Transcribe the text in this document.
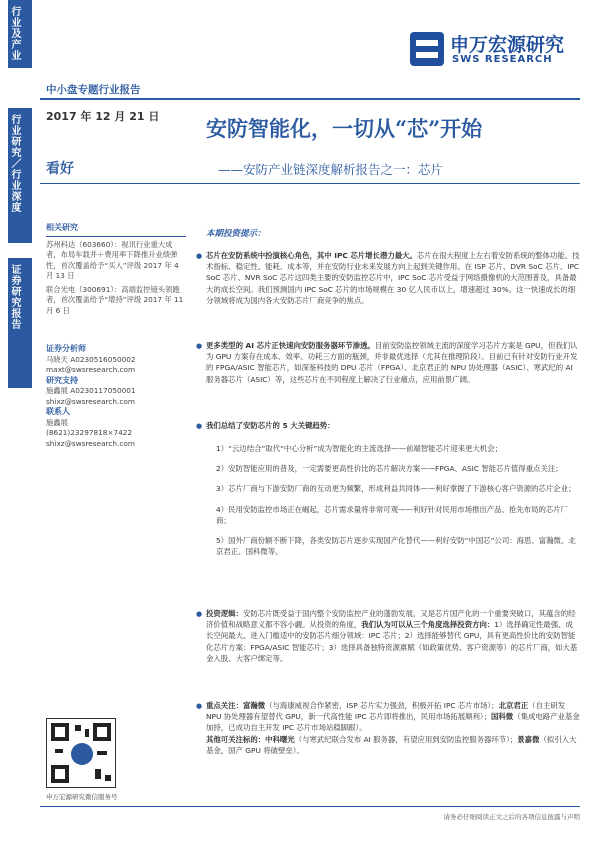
行业及产业
行业研究／行业深度
证券研究报告
申万宏源研究
SWS RESEARCH
中小盘专题行业报告
2017 年 12 月 21 日
看好
安防智能化，一切从“芯”开始
——安防产业链深度解析报告之一：芯片
相关研究
苏州科达（603660）：视讯行业重大成者，布局车载并＋费用率下降推升业绩弹性，首次覆盖给予“买入”评级 2017 年 4 月 13 日
联合光电（300691）：高端监控镜头领跑者，首次覆盖给予“增持”评级 2017 年 11 月 6 日
证券分析师
马晓天 A0230516050002
maxt@swsresearch.com
研究支持
施鑫展 A0230117050001
shixz@swsresearch.com
联系人
施鑫展
(8621)23297818×7422
shixz@swsresearch.com
申万宏源研究微信服务号
本期投资提示：
● 芯片在安防系统中扮演核心角色，其中 IPC 芯片增长潜力最大。芯片在很大程度上左右着安防系统的整体功能、技术指标、稳定性、能耗、成本等，并在安防行业未来发展方向上起到关键作用。在 ISP 芯片、DVR SoC 芯片、IPC SoC 芯片、NVR SoC 芯片这四类主要的安防监控芯片中，IPC SoC 芯片受益于网络摄像机的大范围普及，具备最大的成长空间。我们预测国内 IPC SoC 芯片的市场规模在 30 亿人民币以上，增速超过 30%。这一快速成长的细分领域将成为国内各大安防芯片厂商竞争的焦点。
● 更多类型的 AI 芯片正快速向安防服务器环节渗透。目前安防监控领域主流的深度学习芯片方案是 GPU，但我们认为 GPU 方案存在成本、效率、功耗三方面的瓶颈，并非最优选择（尤其在推理阶段）。目前已有针对安防行业开发的 FPGA/ASIC 智能芯片，如深鉴科技的 DPU 芯片（FPGA）、北京君正的 NPU 协处理器（ASIC）、寒武纪的 AI 服务器芯片（ASIC）等，这些芯片在不同程度上解决了行业痛点，应用前景广阔。
● 我们总结了安防芯片的 5 大关键趋势：

1）“云边结合”取代“中心分析”成为智能化的主流选择——前端智能芯片迎来更大机会；

2）安防智能应用的普及，一定需要更高性价比的芯片解决方案——FPGA、ASIC 智能芯片值得重点关注；

3）芯片厂商与下游安防厂商的互动更为频繁，形成利益共同体——利好掌握了下游核心客户资源的芯片企业；

4）民用安防监控市场正在崛起，芯片需求量将非常可观——利好针对民用市场推出产品、抢先布局的芯片厂商；

5）国外厂商份额不断下降，各类安防芯片逐步实现国产化替代——利好安防“中国芯”公司：海思、富瀚微、北京君正、国科微等。

● 投资逻辑：安防芯片既受益于国内整个安防监控产业的蓬勃发展，又是芯片国产化的一个重要突破口，其蕴含的经济价值和战略意义都不容小觑。从投资的角度，我们认为可以从三个角度选择投资方向：1）选择确定性最强、成长空间最大、进入门槛适中的安防芯片细分领域：IPC 芯片；2）选择能够替代 GPU，具有更高性价比的安防智能化芯片方案：FPGA/ASIC 智能芯片；3）选择具备独特资源禀赋（如政策优势、客户资源等）的芯片厂商，如大基金入股、大客户绑定等。
● 重点关注：富瀚微（与海康威视合作紧密，ISP 芯片实力强劲，积极开拓 IPC 芯片市场）；北京君正（自主研发 NPU 协处理器有望替代 GPU，新一代高性能 IPC 芯片即将推出，民用市场拓展顺利）；国科微（集成电路产业基金加持，已成功自主开发 IPC 芯片市场站稳脚跟）。
其他可关注标的：中科曙光（与寒武纪联合发布 AI 服务器，有望应用到安防监控服务器环节）；景嘉微（拟引入大基金，国产 GPU 将破壁垒）。
请务必仔细阅读正文之后的各项信息披露与声明
